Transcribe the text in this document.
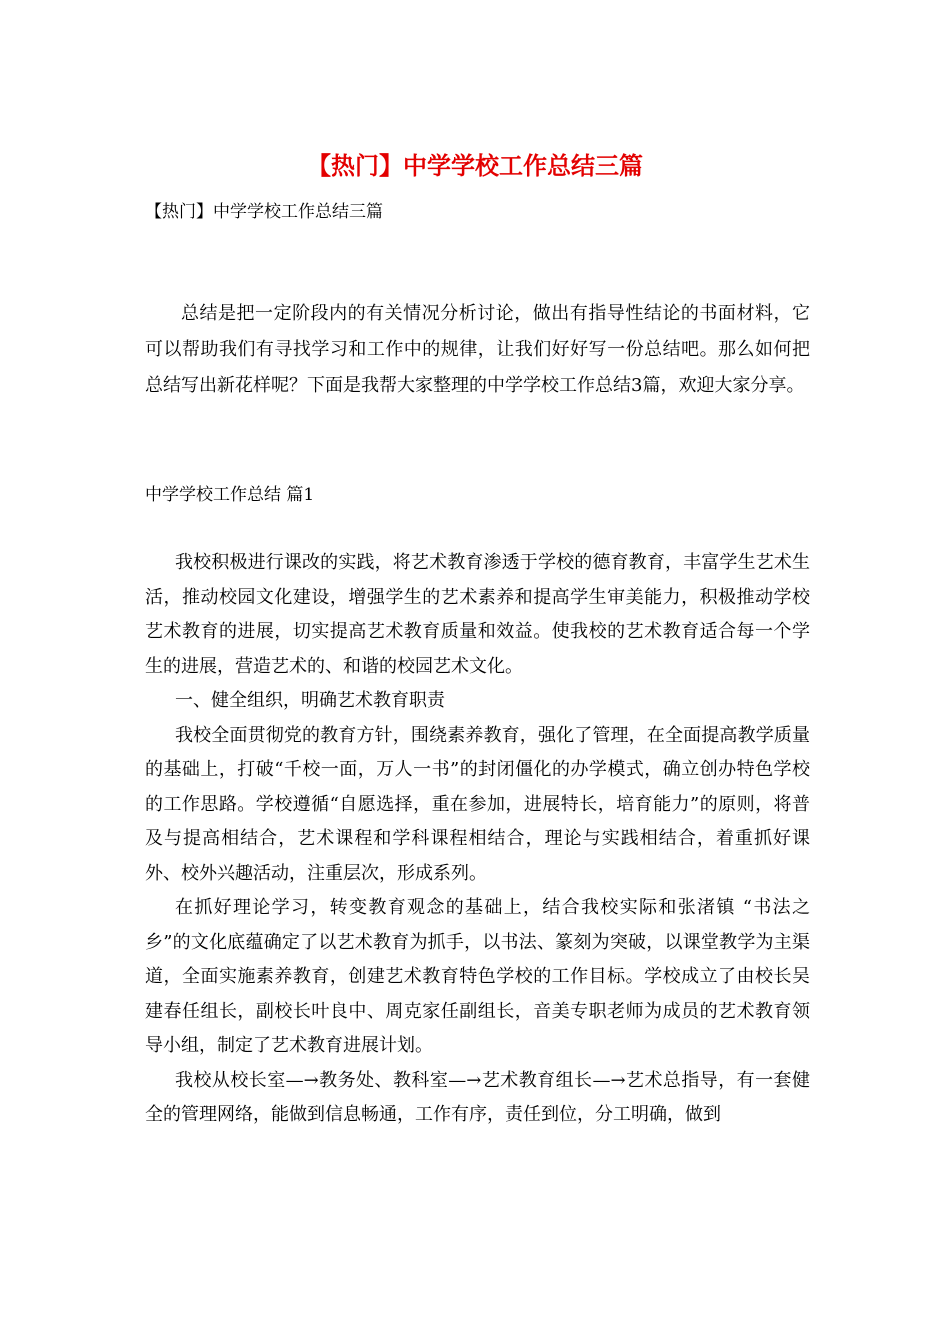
【热门】中学学校工作总结三篇
【热门】中学学校工作总结三篇

总结是把一定阶段内的有关情况分析讨论，做出有指导性结论的书面材料，它可以帮助我们有寻找学习和工作中的规律，让我们好好写一份总结吧。那么如何把总结写出新花样呢？下面是我帮大家整理的中学学校工作总结3篇，欢迎大家分享。

中学学校工作总结 篇1

我校积极进行课改的实践，将艺术教育渗透于学校的德育教育，丰富学生艺术生活，推动校园文化建设，增强学生的艺术素养和提高学生审美能力，积极推动学校艺术教育的进展，切实提高艺术教育质量和效益。使我校的艺术教育适合每一个学生的进展，营造艺术的、和谐的校园艺术文化。

一、健全组织，明确艺术教育职责

我校全面贯彻党的教育方针，围绕素养教育，强化了管理，在全面提高教学质量的基础上，打破“千校一面，万人一书”的封闭僵化的办学模式，确立创办特色学校的工作思路。学校遵循“自愿选择，重在参加，进展特长，培育能力”的原则，将普及与提高相结合，艺术课程和学科课程相结合，理论与实践相结合，着重抓好课外、校外兴趣活动，注重层次，形成系列。

在抓好理论学习，转变教育观念的基础上，结合我校实际和张渚镇 “书法之乡”的文化底蕴确定了以艺术教育为抓手，以书法、篆刻为突破，以课堂教学为主渠道，全面实施素养教育，创建艺术教育特色学校的工作目标。学校成立了由校长吴建春任组长，副校长叶良中、周克家任副组长，音美专职老师为成员的艺术教育领导小组，制定了艺术教育进展计划。

我校从校长室—→教务处、教科室—→艺术教育组长—→艺术总指导，有一套健全的管理网络，能做到信息畅通，工作有序，责任到位，分工明确，做到
